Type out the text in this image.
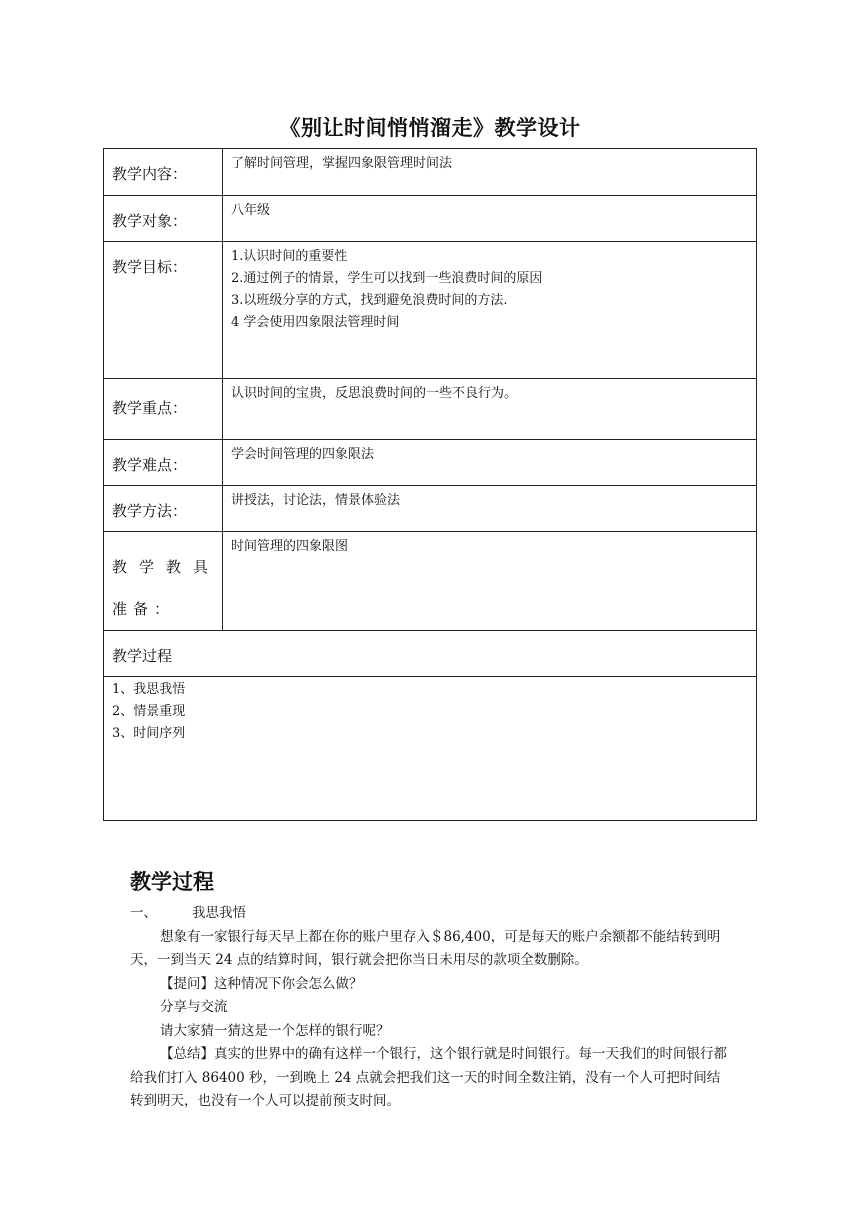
《别让时间悄悄溜走》教学设计
教学内容：	了解时间管理，掌握四象限管理时间法

教学对象：	八年级

教学目标：	1.认识时间的重要性
2.通过例子的情景，学生可以找到一些浪费时间的原因
3.以班级分享的方式，找到避免浪费时间的方法.
4 学会使用四象限法管理时间

教学重点：	认识时间的宝贵，反思浪费时间的一些不良行为。

教学难点：	学会时间管理的四象限法

教学方法：	讲授法，讨论法，情景体验法

教学教具准备：	时间管理的四象限图

教学过程	

1、我思我悟
2、情景重现
3、时间序列	
教学过程

一、	我思我悟

想象有一家银行每天早上都在你的账户里存入＄86,400，可是每天的账户余额都不能结转到明天，一到当天 24 点的结算时间，银行就会把你当日未用尽的款项全数删除。

【提问】这种情况下你会怎么做？

分享与交流

请大家猜一猜这是一个怎样的银行呢？

【总结】真实的世界中的确有这样一个银行，这个银行就是时间银行。每一天我们的时间银行都给我们打入 86400 秒，一到晚上 24 点就会把我们这一天的时间全数注销，没有一个人可把时间结转到明天，也没有一个人可以提前预支时间。
